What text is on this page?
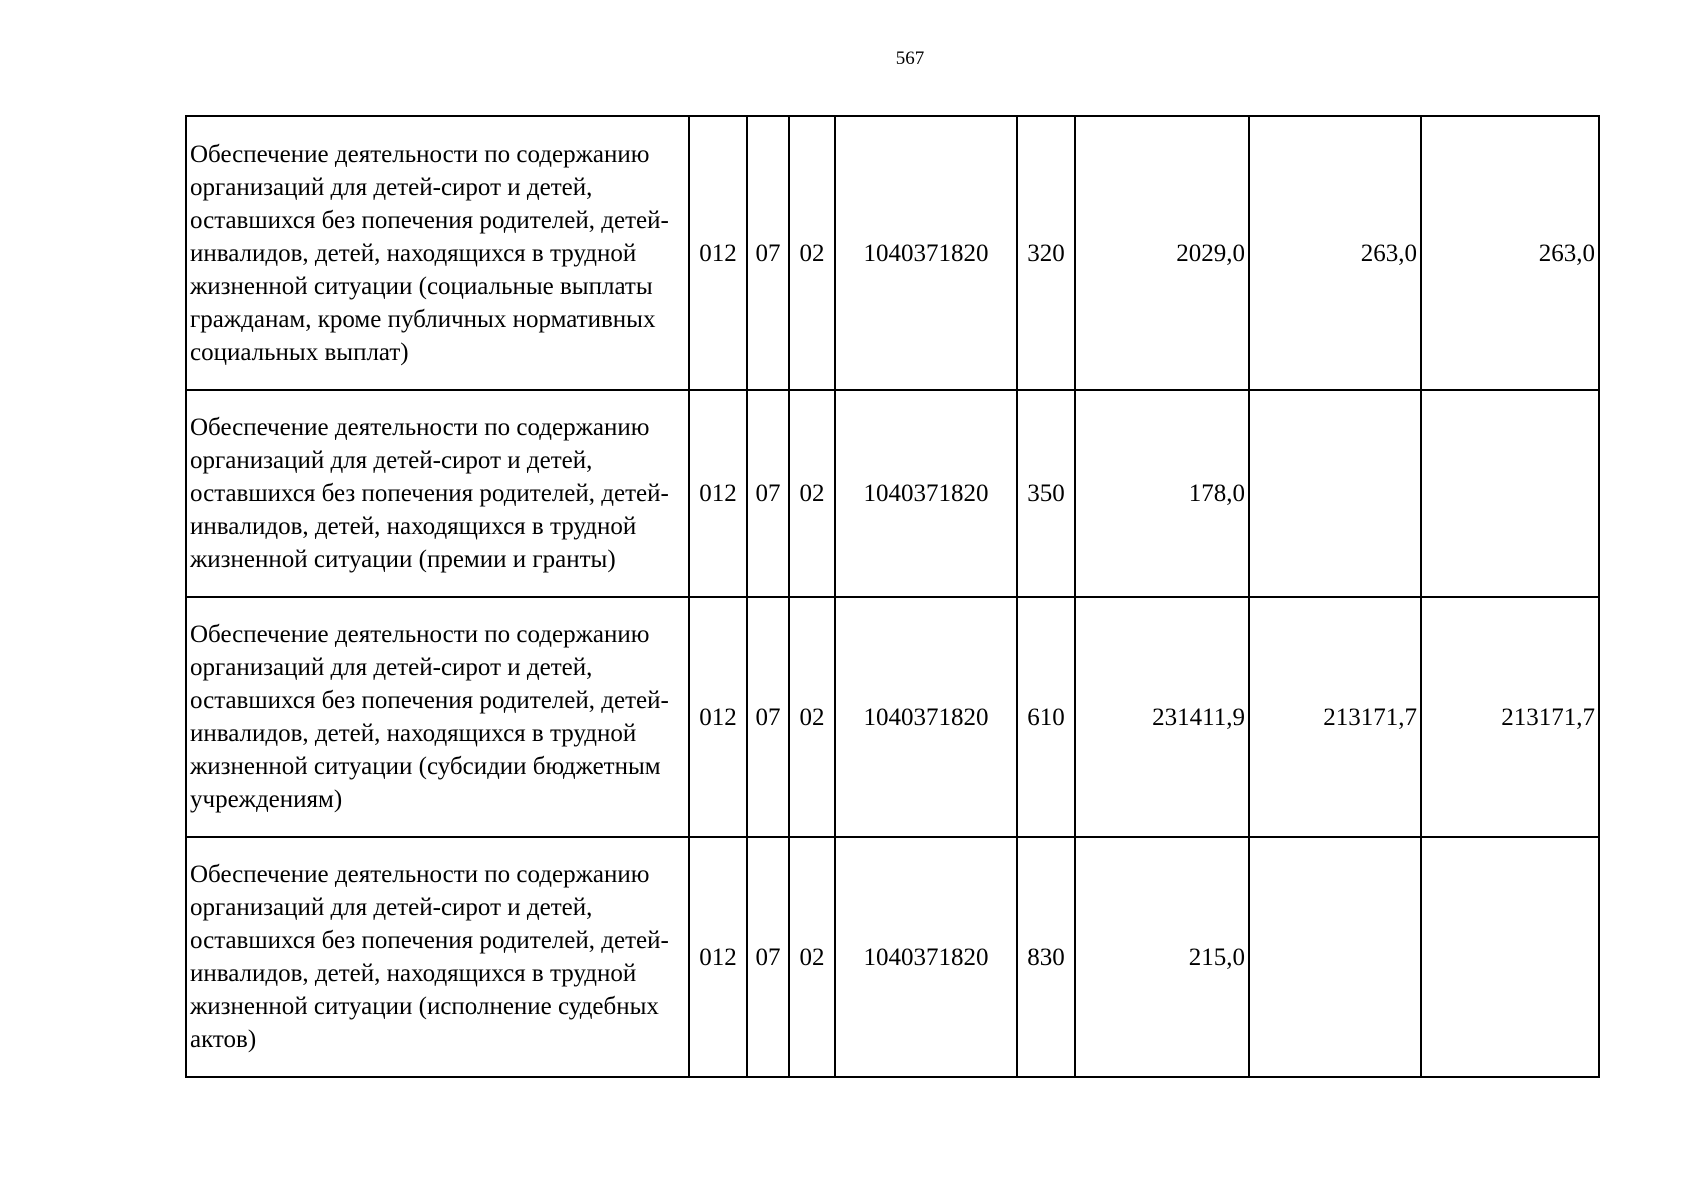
567
Обеспечение деятельности по содержанию организаций для детей-сирот и детей, оставшихся без попечения родителей, детей-инвалидов, детей, находящихся в трудной жизненной ситуации (социальные выплаты гражданам, кроме публичных нормативных социальных выплат)	012	07	02	1040371820	320	2029,0	263,0	263,0
Обеспечение деятельности по содержанию организаций для детей-сирот и детей, оставшихся без попечения родителей, детей-инвалидов, детей, находящихся в трудной жизненной ситуации (премии и гранты)	012	07	02	1040371820	350	178,0		
Обеспечение деятельности по содержанию организаций для детей-сирот и детей, оставшихся без попечения родителей, детей-инвалидов, детей, находящихся в трудной жизненной ситуации (субсидии бюджетным учреждениям)	012	07	02	1040371820	610	231411,9	213171,7	213171,7
Обеспечение деятельности по содержанию организаций для детей-сирот и детей, оставшихся без попечения родителей, детей-инвалидов, детей, находящихся в трудной жизненной ситуации (исполнение судебных актов)	012	07	02	1040371820	830	215,0		
